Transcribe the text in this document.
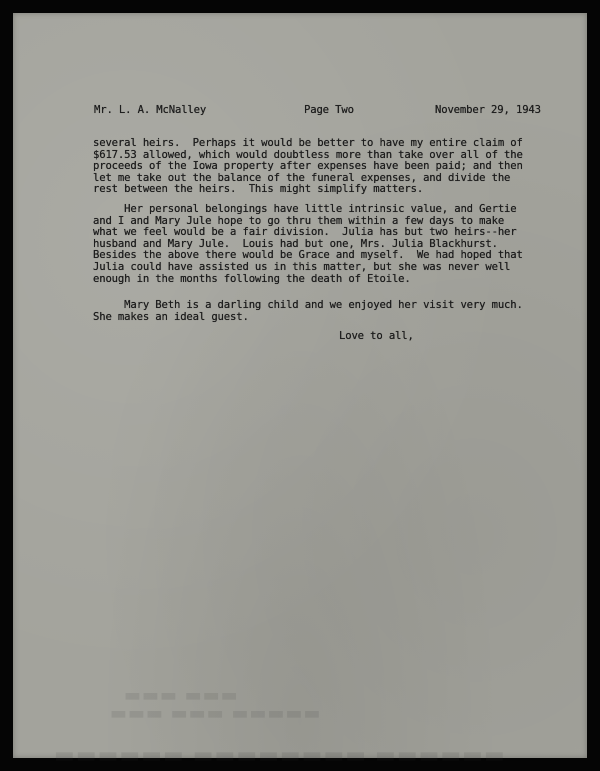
Mr. L. A. McNalley	Page Two	November 29, 1943
several heirs.  Perhaps it would be better to have my entire claim of
$617.53 allowed, which would doubtless more than take over all of the
proceeds of the Iowa property after expenses have been paid; and then
let me take out the balance of the funeral expenses, and divide the
rest between the heirs.  This might simplify matters.
Her personal belongings have little intrinsic value, and Gertie
and I and Mary Jule hope to go thru them within a few days to make
what we feel would be a fair division.  Julia has but two heirs--her
husband and Mary Jule.  Louis had but one, Mrs. Julia Blackhurst.
Besides the above there would be Grace and myself.  We had hoped that
Julia could have assisted us in this matter, but she was never well
enough in the months following the death of Etoile.
Mary Beth is a darling child and we enjoyed her visit very much.
She makes an ideal guest.
Love to all,
▬▬▬ ▬▬▬
▬▬▬▬▬ ▬▬▬ ▬▬▬
▬▬▬▬▬▬ ▬▬▬▬▬▬▬▬ ▬▬▬▬▬▬
